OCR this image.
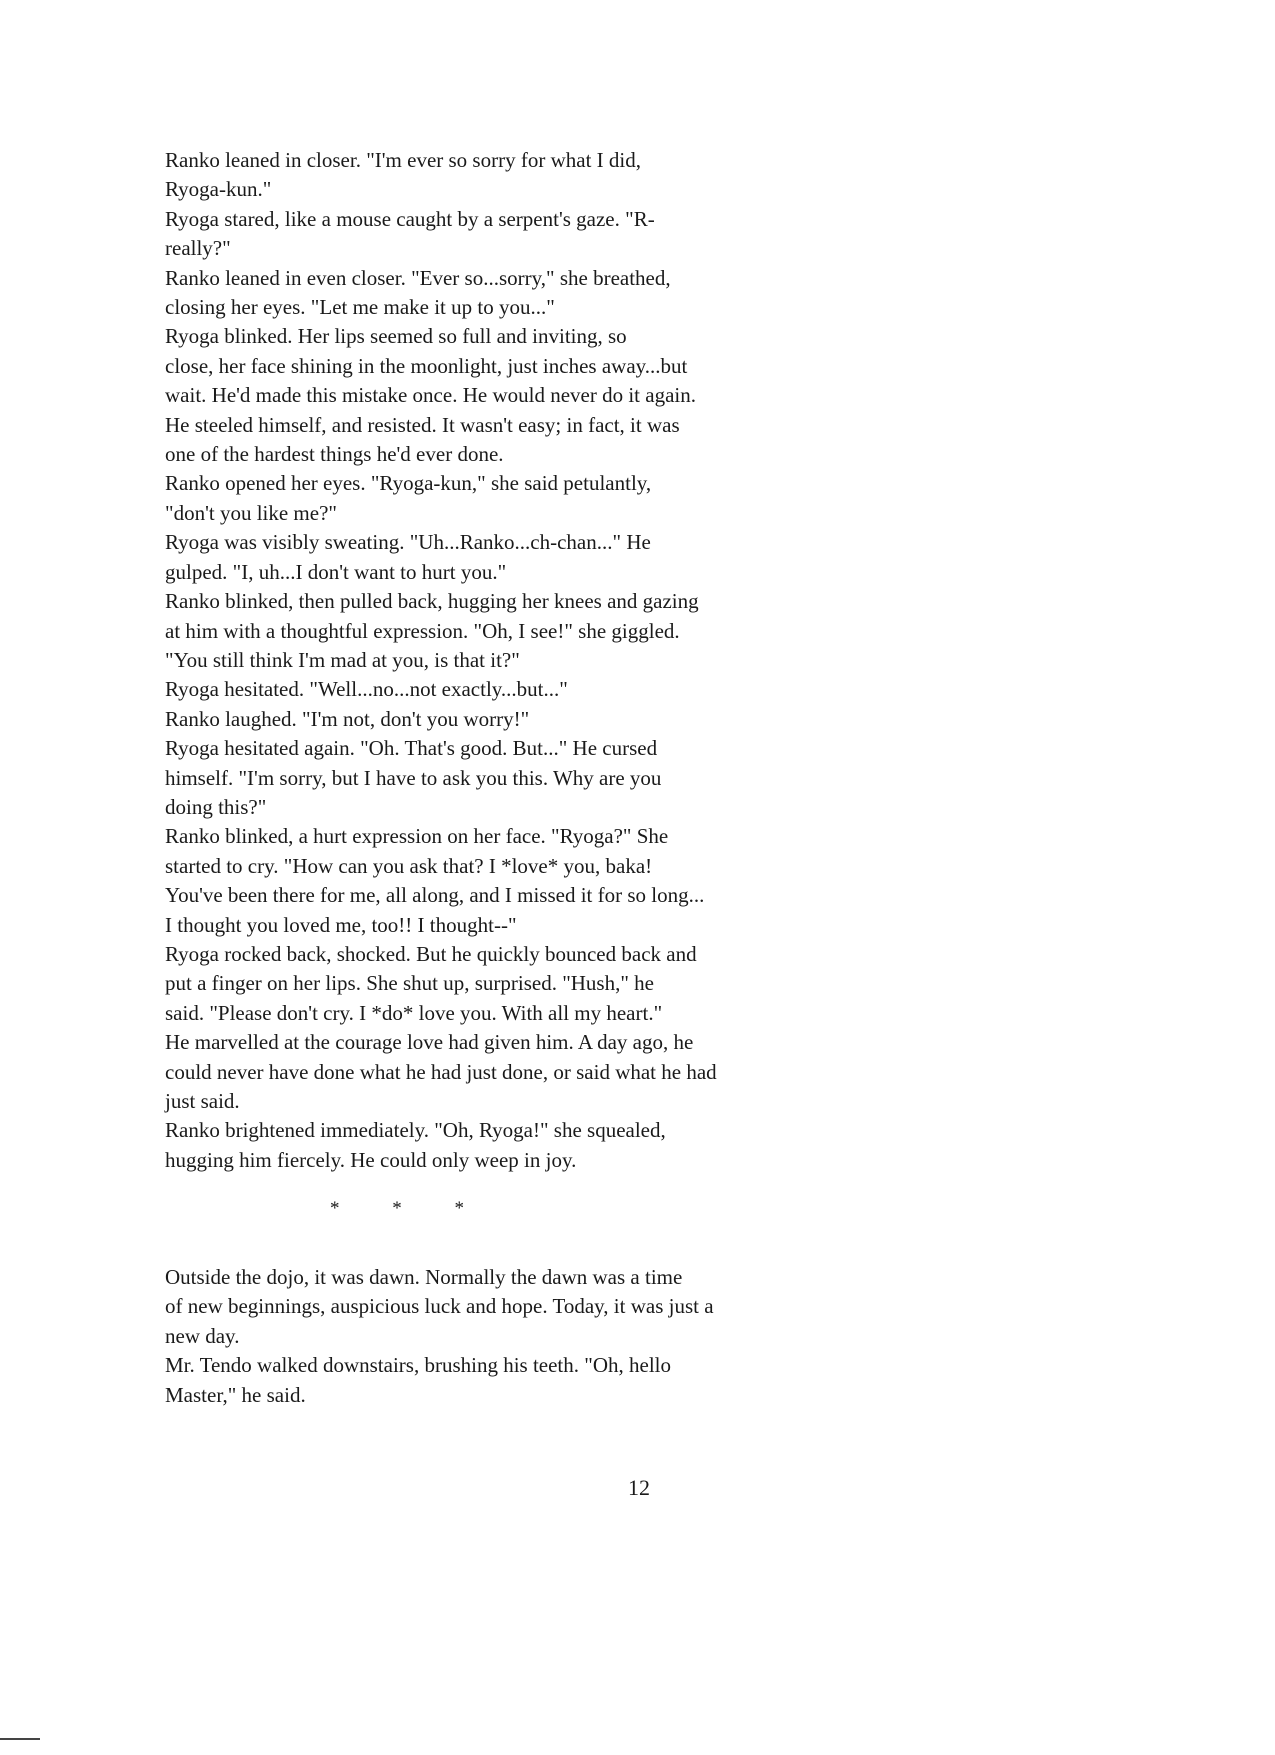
Ranko leaned in closer. "I'm ever so sorry for what I did,
Ryoga-kun."

Ryoga stared, like a mouse caught by a serpent's gaze. "R-
really?"

Ranko leaned in even closer. "Ever so...sorry," she breathed,
closing her eyes. "Let me make it up to you..."

Ryoga blinked. Her lips seemed so full and inviting, so
close, her face shining in the moonlight, just inches away...but
wait. He'd made this mistake once. He would never do it again.
He steeled himself, and resisted. It wasn't easy; in fact, it was
one of the hardest things he'd ever done.

Ranko opened her eyes. "Ryoga-kun," she said petulantly,
"don't you like me?"

Ryoga was visibly sweating. "Uh...Ranko...ch-chan..." He
gulped. "I, uh...I don't want to hurt you."

Ranko blinked, then pulled back, hugging her knees and gazing
at him with a thoughtful expression. "Oh, I see!" she giggled.
"You still think I'm mad at you, is that it?"

Ryoga hesitated. "Well...no...not exactly...but..."

Ranko laughed. "I'm not, don't you worry!"

Ryoga hesitated again. "Oh. That's good. But..." He cursed
himself. "I'm sorry, but I have to ask you this. Why are you
doing this?"

Ranko blinked, a hurt expression on her face. "Ryoga?" She
started to cry. "How can you ask that? I *love* you, baka!
You've been there for me, all along, and I missed it for so long...
I thought you loved me, too!! I thought--"

Ryoga rocked back, shocked. But he quickly bounced back and
put a finger on her lips. She shut up, surprised. "Hush," he
said. "Please don't cry. I *do* love you. With all my heart."
He marvelled at the courage love had given him. A day ago, he
could never have done what he had just done, or said what he had
just said.

Ranko brightened immediately. "Oh, Ryoga!" she squealed,
hugging him fiercely. He could only weep in joy.

* * *

Outside the dojo, it was dawn. Normally the dawn was a time
of new beginnings, auspicious luck and hope. Today, it was just a
new day.

Mr. Tendo walked downstairs, brushing his teeth. "Oh, hello
Master," he said.

12
